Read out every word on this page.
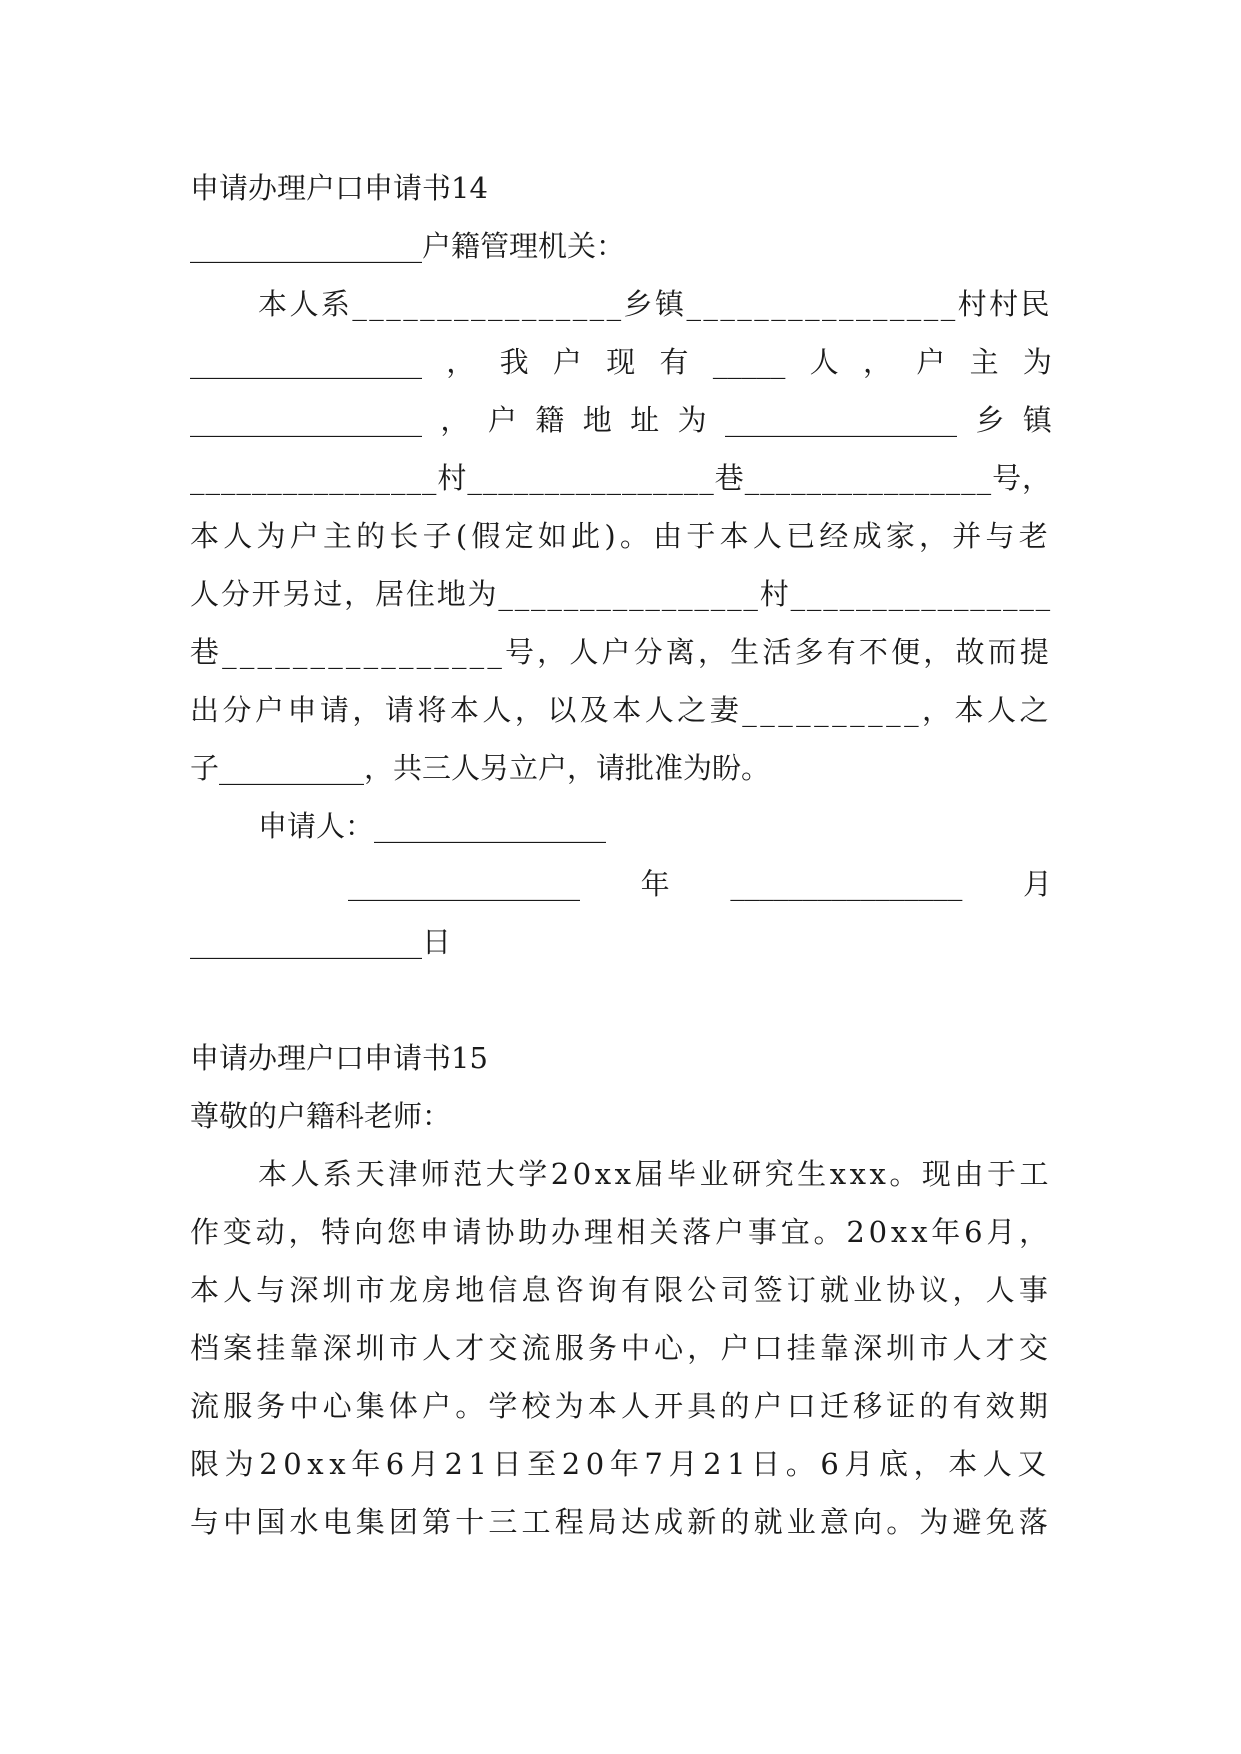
申请办理户口申请书14
________________户籍管理机关：
本人系________________乡镇________________村村民
________________ ， 我 户 现 有 _____ 人 ， 户 主 为
________________ ， 户 籍 地 址 为 ________________ 乡 镇
________________村________________巷________________号，
本人为户主的长子(假定如此)。由于本人已经成家，并与老
人分开另过，居住地为________________村________________
巷________________号，人户分离，生活多有不便，故而提
出分户申请，请将本人，以及本人之妻__________，本人之
子__________，共三人另立户，请批准为盼。
申请人：________________
________________ 年 ________________ 月
________________日
申请办理户口申请书15
尊敬的户籍科老师：
本人系天津师范大学20xx届毕业研究生xxx。现由于工
作变动，特向您申请协助办理相关落户事宜。20xx年6月，
本人与深圳市龙房地信息咨询有限公司签订就业协议，人事
档案挂靠深圳市人才交流服务中心，户口挂靠深圳市人才交
流服务中心集体户。学校为本人开具的户口迁移证的有效期
限为20xx年6月21日至20年7月21日。6月底，本人又
与中国水电集团第十三工程局达成新的就业意向。为避免落
